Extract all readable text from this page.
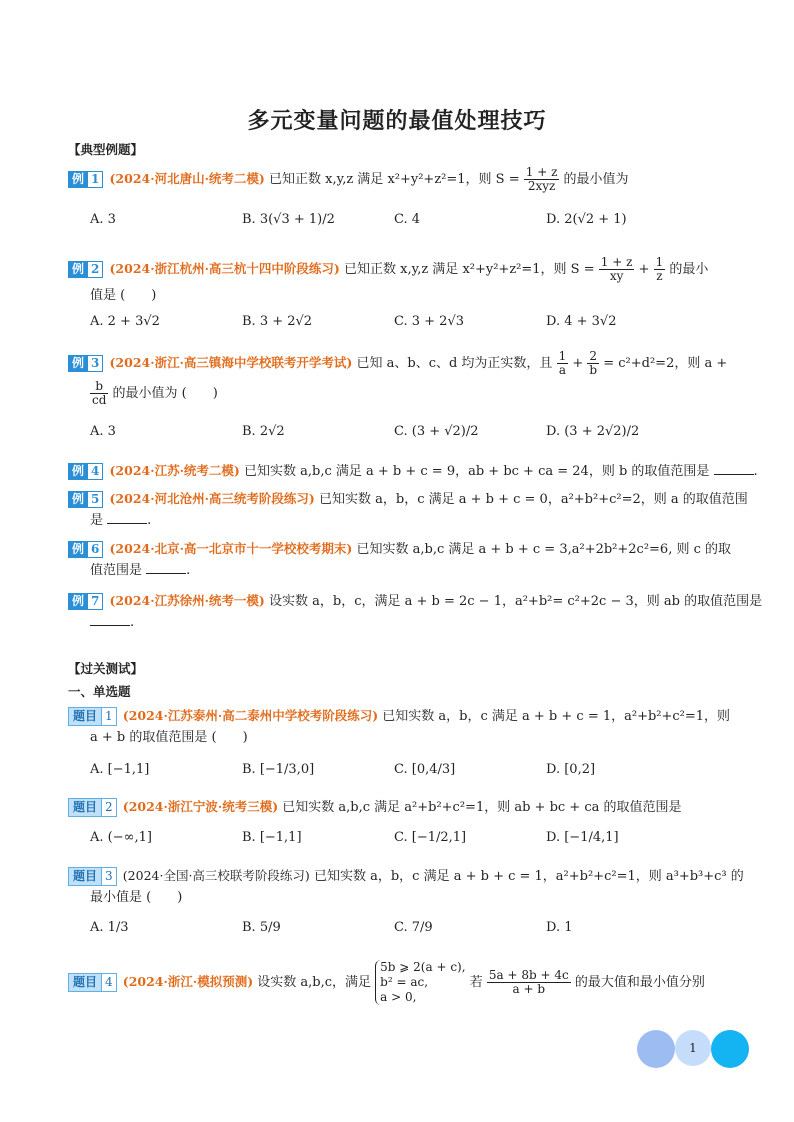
多元变量问题的最值处理技巧
【典型例题】
例 1 (2024·河北唐山·统考二模) 已知正数 x,y,z 满足 x²+y²+z²=1，则 $S = \frac{1 + z}{\text{2xyz}}$ 的最小值为
A. 3	B. 3(√3 + 1)/2	C. 4	D. 2(√2 + 1)
例 2 (2024·浙江杭州·高三杭十四中阶段练习) 已知正数 x,y,z 满足 x²+y²+z²=1，则 $S = \frac{1 + z}{xy} + \frac{1}{z}$ 的最小
值是 (　　)
A. 2 + 3√2	B. 3 + 2√2	C. 3 + 2√3	D. 4 + 3√2
例 3 (2024·浙江·高三镇海中学校联考开学考试) 已知 a、b、c、d 均为正实数，且 $\frac{1}{a} + \frac{2}{b} = c^2+d^2=2$，则 a +
$\frac{b}{cd}$ 的最小值为 (　　)
A. 3	B. 2√2	C. (3 + √2)/2	D. (3 + 2√2)/2
例 4 (2024·江苏·统考二模) 已知实数 a,b,c 满足 a + b + c = 9，ab + bc + ca = 24，则 b 的取值范围是	.
例 5 (2024·河北沧州·高三统考阶段练习) 已知实数 a，b，c 满足 a + b + c = 0，a²+b²+c²=2，则 a 的取值范围
是	.
例 6 (2024·北京·高一北京市十一学校校考期末) 已知实数 a,b,c 满足 a + b + c = 3,a²+2b²+2c²=6, 则 c 的取
值范围是	.
例 7 (2024·江苏徐州·统考一模) 设实数 a，b，c，满足 a + b = 2c − 1，a²+b²= c²+2c − 3，则 ab 的取值范围是
.
【过关测试】
一、单选题
题目 1 (2024·江苏泰州·高二泰州中学校考阶段练习) 已知实数 a，b，c 满足 a + b + c = 1，a²+b²+c²=1，则
a + b 的取值范围是 (　　)
A. [−1,1]	B. [−1/3,0]	C. [0,4/3]	D. [0,2]
题目 2 (2024·浙江宁波·统考三模) 已知实数 a,b,c 满足 a²+b²+c²=1，则 ab + bc + ca 的取值范围是
A. (−∞,1]	B. [−1,1]	C. [−1/2,1]	D. [−1/4,1]
题目 3 (2024·全国·高三校联考阶段练习) 已知实数 a，b，c 满足 a + b + c = 1，a²+b²+c²=1，则 a³+b³+c³ 的
最小值是 (　　)
A. 1/3	B. 5/9	C. 7/9	D. 1
题目 4 (2024·浙江·模拟预测) 设实数 a,b,c，满足
5b ⩾ 2(a + c),
b² = ac,
a > 0,
若 $\frac{5a + 8b + 4c}{a + b}$ 的最大值和最小值分别
1
